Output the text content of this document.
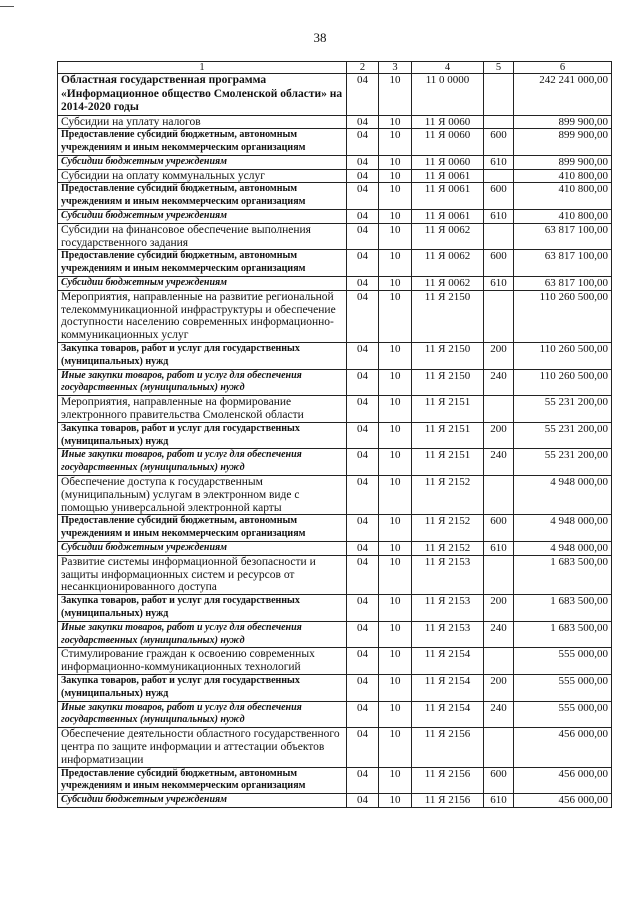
38
1	2	3	4	5	6
Областная государственная программа «Информационное общество Смоленской области» на 2014-2020 годы	04	10	11 0 0000		242 241 000,00
Субсидии на уплату налогов	04	10	11 Я 0060		899 900,00
Предоставление субсидий бюджетным, автономным учреждениям и иным некоммерческим организациям	04	10	11 Я 0060	600	899 900,00
Субсидии бюджетным учреждениям	04	10	11 Я 0060	610	899 900,00
Субсидии на оплату коммунальных услуг	04	10	11 Я 0061		410 800,00
Предоставление субсидий бюджетным, автономным учреждениям и иным некоммерческим организациям	04	10	11 Я 0061	600	410 800,00
Субсидии бюджетным учреждениям	04	10	11 Я 0061	610	410 800,00
Субсидии на финансовое обеспечение выполнения государственного задания	04	10	11 Я 0062		63 817 100,00
Предоставление субсидий бюджетным, автономным учреждениям и иным некоммерческим организациям	04	10	11 Я 0062	600	63 817 100,00
Субсидии бюджетным учреждениям	04	10	11 Я 0062	610	63 817 100,00
Мероприятия, направленные на развитие региональной телекоммуникационной инфраструктуры и обеспечение доступности населению современных информационно-коммуникационных услуг	04	10	11 Я 2150		110 260 500,00
Закупка товаров, работ и услуг для государственных (муниципальных) нужд	04	10	11 Я 2150	200	110 260 500,00
Иные закупки товаров, работ и услуг для обеспечения государственных (муниципальных) нужд	04	10	11 Я 2150	240	110 260 500,00
Мероприятия, направленные на формирование электронного правительства Смоленской области	04	10	11 Я 2151		55 231 200,00
Закупка товаров, работ и услуг для государственных (муниципальных) нужд	04	10	11 Я 2151	200	55 231 200,00
Иные закупки товаров, работ и услуг для обеспечения государственных (муниципальных) нужд	04	10	11 Я 2151	240	55 231 200,00
Обеспечение доступа к государственным (муниципальным) услугам в электронном виде с помощью универсальной электронной карты	04	10	11 Я 2152		4 948 000,00
Предоставление субсидий бюджетным, автономным учреждениям и иным некоммерческим организациям	04	10	11 Я 2152	600	4 948 000,00
Субсидии бюджетным учреждениям	04	10	11 Я 2152	610	4 948 000,00
Развитие системы информационной безопасности и защиты информационных систем и ресурсов от несанкционированного доступа	04	10	11 Я 2153		1 683 500,00
Закупка товаров, работ и услуг для государственных (муниципальных) нужд	04	10	11 Я 2153	200	1 683 500,00
Иные закупки товаров, работ и услуг для обеспечения государственных (муниципальных) нужд	04	10	11 Я 2153	240	1 683 500,00
Стимулирование граждан к освоению современных информационно-коммуникационных технологий	04	10	11 Я 2154		555 000,00
Закупка товаров, работ и услуг для государственных (муниципальных) нужд	04	10	11 Я 2154	200	555 000,00
Иные закупки товаров, работ и услуг для обеспечения государственных (муниципальных) нужд	04	10	11 Я 2154	240	555 000,00
Обеспечение деятельности областного государственного центра по защите информации и аттестации объектов информатизации	04	10	11 Я 2156		456 000,00
Предоставление субсидий бюджетным, автономным учреждениям и иным некоммерческим организациям	04	10	11 Я 2156	600	456 000,00
Субсидии бюджетным учреждениям	04	10	11 Я 2156	610	456 000,00
